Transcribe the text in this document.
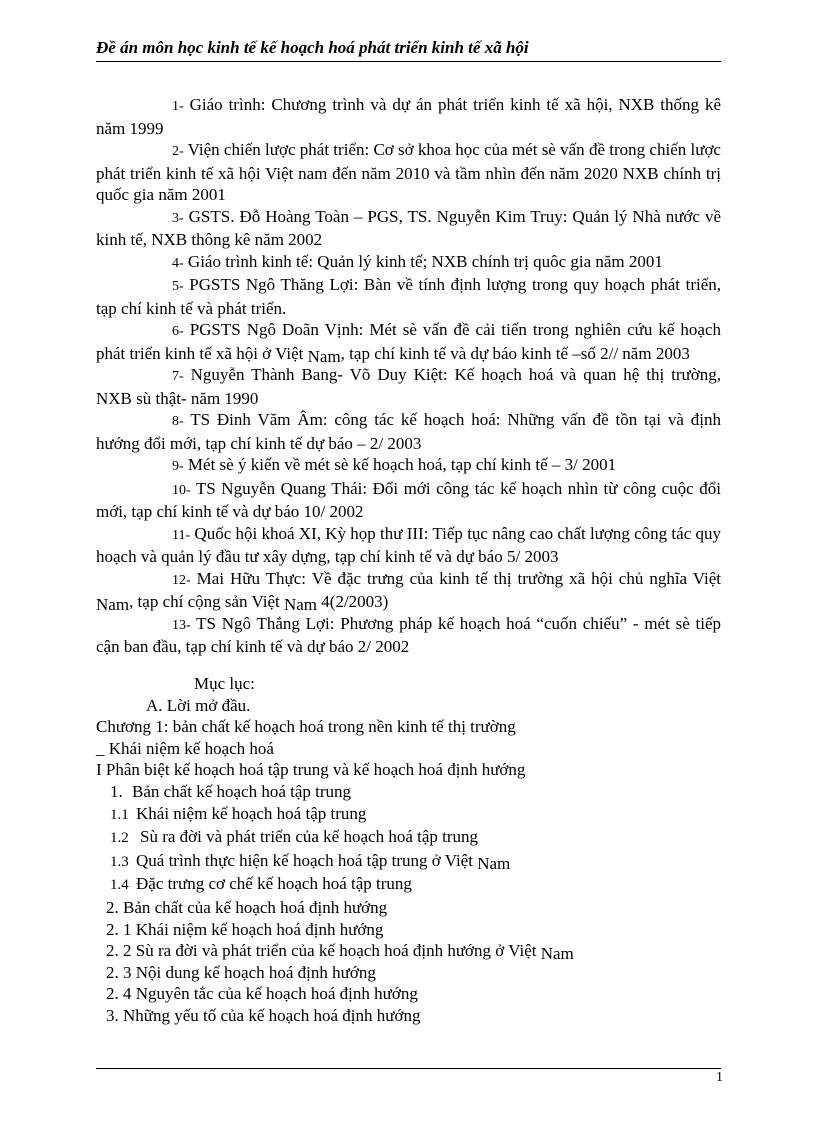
Đề án môn học kinh tế kế hoạch hoá phát triển kinh tế xã hội

1- Giáo trình: Chương trình và dự án phát triển kinh tế xã hội, NXB thống kê năm 1999

2- Viện chiến lược phát triển: Cơ sở khoa học của mét sè vấn đề trong chiến lược phát triển kinh tế xã hội Việt nam đến năm 2010 và tầm nhìn đến năm 2020 NXB chính trị quốc gia năm 2001

3- GSTS. Đỗ Hoàng Toàn – PGS, TS. Nguyễn Kim Truy: Quản lý Nhà nước về kinh tế, NXB thông kê năm 2002

4- Giáo trình kinh tế: Quản lý kinh tế; NXB chính trị quôc gia năm 2001

5- PGSTS Ngô Thăng Lợi: Bàn về tính định lượng trong quy hoạch phát triển, tạp chí kinh tế và phát triển.

6- PGSTS Ngô Doãn Vịnh: Mét sè vấn đề cải tiến trong nghiên cứu kế hoạch phát triển kinh tế xã hội ở Việt Nam, tạp chí kinh tế và dự báo kinh tế –số 2// năm 2003

7- Nguyễn Thành Bang- Võ Duy Kiệt: Kế hoạch hoá và quan hệ thị trường, NXB sù thật- năm 1990

8- TS Đinh Văm Âm: công tác kế hoạch hoá: Những vấn đề tồn tại và định hướng đổi mới, tạp chí kinh tế dự báo – 2/ 2003

9- Mét sè ý kiến về mét sè kế hoạch hoá, tạp chí kinh tế – 3/ 2001

10- TS Nguyễn Quang Thái: Đổi mới công tác kế hoạch nhìn từ công cuộc đổi mới, tạp chí kinh tế và dự báo 10/ 2002

11- Quốc hội khoá XI, Kỳ họp thư III: Tiếp tục nâng cao chất lượng công tác quy hoạch và quản lý đầu tư xây dựng, tạp chí kinh tế và dự báo 5/ 2003

12- Mai Hữu Thực: Về đặc trưng của kinh tế thị trường xã hội chủ nghĩa Việt Nam, tạp chí cộng sản Việt Nam 4(2/2003)

13- TS Ngô Thắng Lợi: Phương pháp kế hoạch hoá “cuốn chiếu” - mét sè tiếp cận ban đầu, tạp chí kinh tế và dự báo 2/ 2002

Mục lục:
A. Lời mở đầu.
Chương 1: bản chất kế hoạch hoá trong nền kinh tế thị trường
_ Khái niệm kế hoạch hoá
I Phân biệt kế hoạch hoá tập trung và kế hoạch hoá định hướng
1. Bản chất kế hoạch hoá tập trung
1.1 Khái niệm kế hoạch hoá tập trung
1.2 Sù ra đời và phát triển của kế hoạch hoá tập trung
1.3 Quá trình thực hiện kế hoạch hoá tập trung ở Việt Nam
1.4 Đặc trưng cơ chế kế hoạch hoá tập trung
2. Bản chất của kế hoạch hoá định hướng
2. 1 Khái niệm kế hoạch hoá định hướng
2. 2 Sù ra đời và phát triển của kế hoạch hoá định hướng ở Việt Nam
2. 3 Nội dung kế hoạch hoá định hướng
2. 4 Nguyên tắc của kế hoạch hoá định hướng
3. Những yếu tố của kế hoạch hoá định hướng
1
